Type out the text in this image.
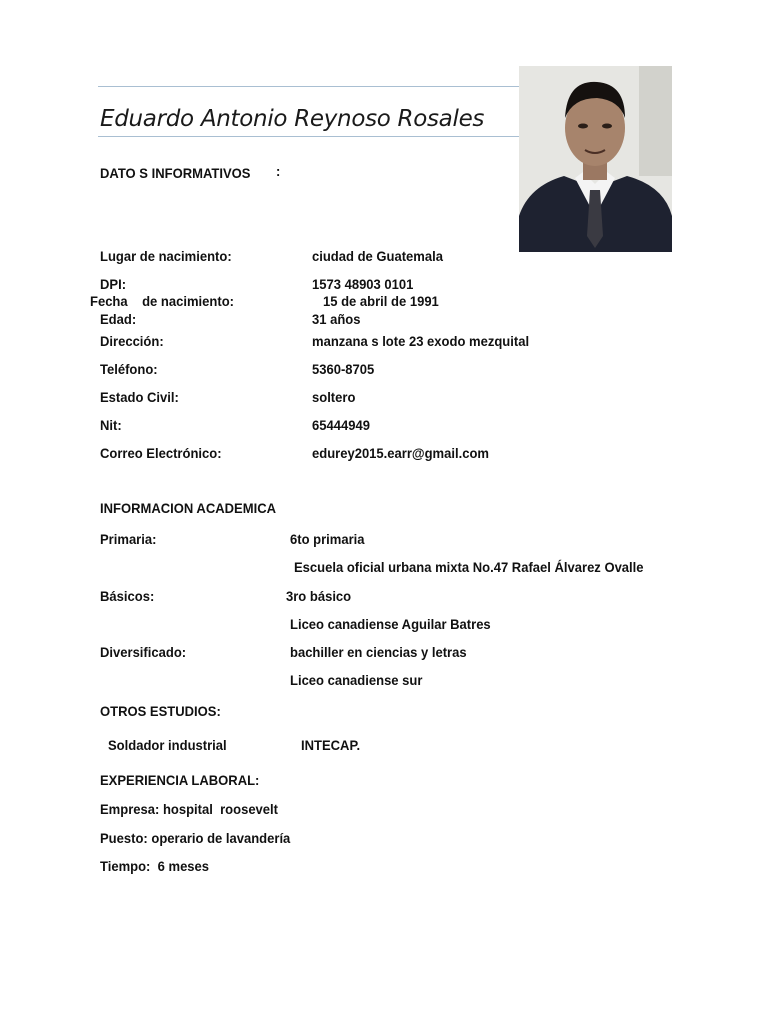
Eduardo Antonio Reynoso Rosales
DATO S INFORMATIVOS :
Lugar de nacimiento:	ciudad de Guatemala
DPI:	1573 48903 0101
Fecha    de nacimiento:	15 de abril de 1991
Edad:	31 años
Dirección:	manzana s lote 23 exodo mezquital
Teléfono:	5360-8705
Estado Civil:	soltero
Nit:	65444949
Correo Electrónico:	edurey2015.earr@gmail.com
INFORMACION ACADEMICA
Primaria:	6to primaria
Escuela oficial urbana mixta No.47 Rafael Álvarez Ovalle
Básicos:	3ro básico
Liceo canadiense Aguilar Batres
Diversificado:	bachiller en ciencias y letras
Liceo canadiense sur
OTROS ESTUDIOS:
Soldador industrial	INTECAP.
EXPERIENCIA LABORAL:
Empresa: hospital  roosevelt
Puesto: operario de lavandería
Tiempo:  6 meses
